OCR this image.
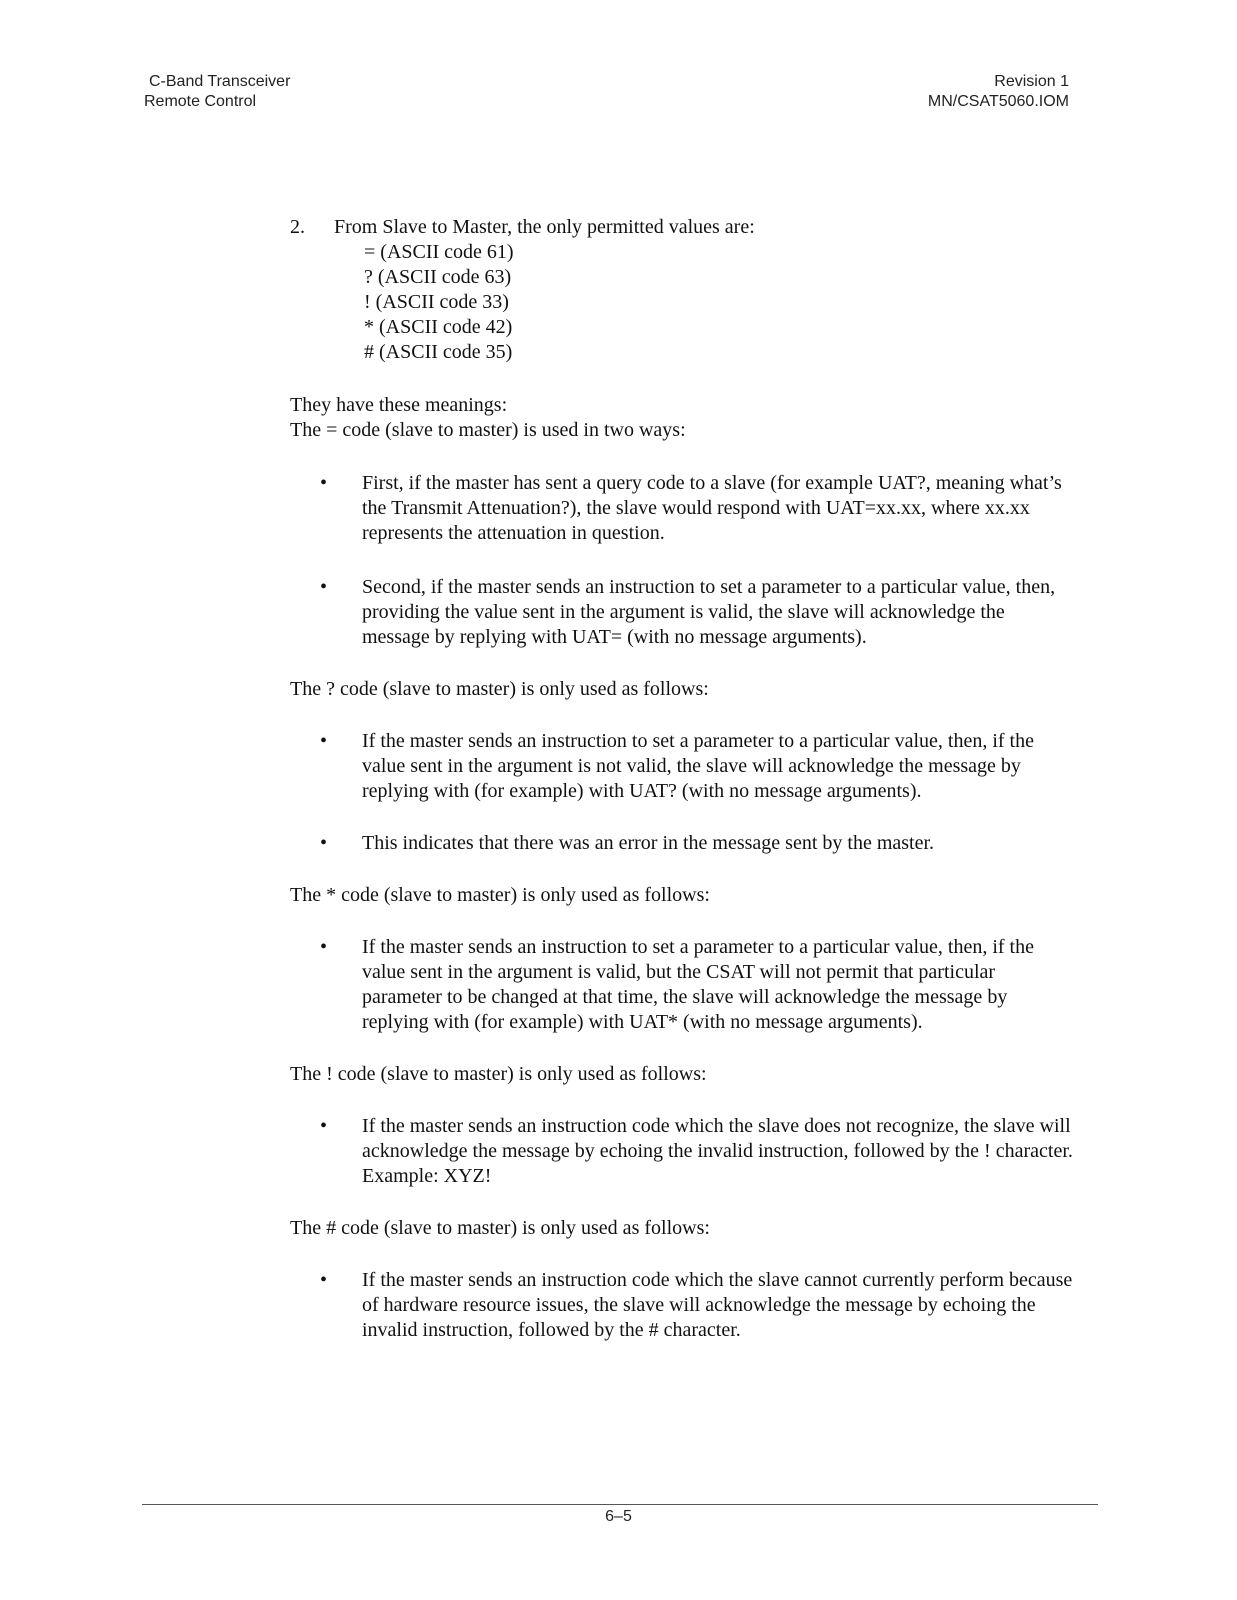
C-Band Transceiver
Remote Control
Revision 1
MN/CSAT5060.IOM
2.	From Slave to Master, the only permitted values are:
= (ASCII code 61)
? (ASCII code 63)
! (ASCII code 33)
* (ASCII code 42)
# (ASCII code 35)

They have these meanings:

The = code (slave to master) is used in two ways:

•	First, if the master has sent a query code to a slave (for example UAT?, meaning what’s the Transmit Attenuation?), the slave would respond with UAT=xx.xx, where xx.xx represents the attenuation in question.
•	Second, if the master sends an instruction to set a parameter to a particular value, then, providing the value sent in the argument is valid, the slave will acknowledge the message by replying with UAT= (with no message arguments).

The ? code (slave to master) is only used as follows:

•	If the master sends an instruction to set a parameter to a particular value, then, if the value sent in the argument is not valid, the slave will acknowledge the message by replying with (for example) with UAT? (with no message arguments).
•	This indicates that there was an error in the message sent by the master.

The * code (slave to master) is only used as follows:

•	If the master sends an instruction to set a parameter to a particular value, then, if the value sent in the argument is valid, but the CSAT will not permit that particular parameter to be changed at that time, the slave will acknowledge the message by replying with (for example) with UAT* (with no message arguments).

The ! code (slave to master) is only used as follows:

•	If the master sends an instruction code which the slave does not recognize, the slave will acknowledge the message by echoing the invalid instruction, followed by the ! character. Example: XYZ!

The # code (slave to master) is only used as follows:

•	If the master sends an instruction code which the slave cannot currently perform because of hardware resource issues, the slave will acknowledge the message by echoing the invalid instruction, followed by the # character.
6–5
